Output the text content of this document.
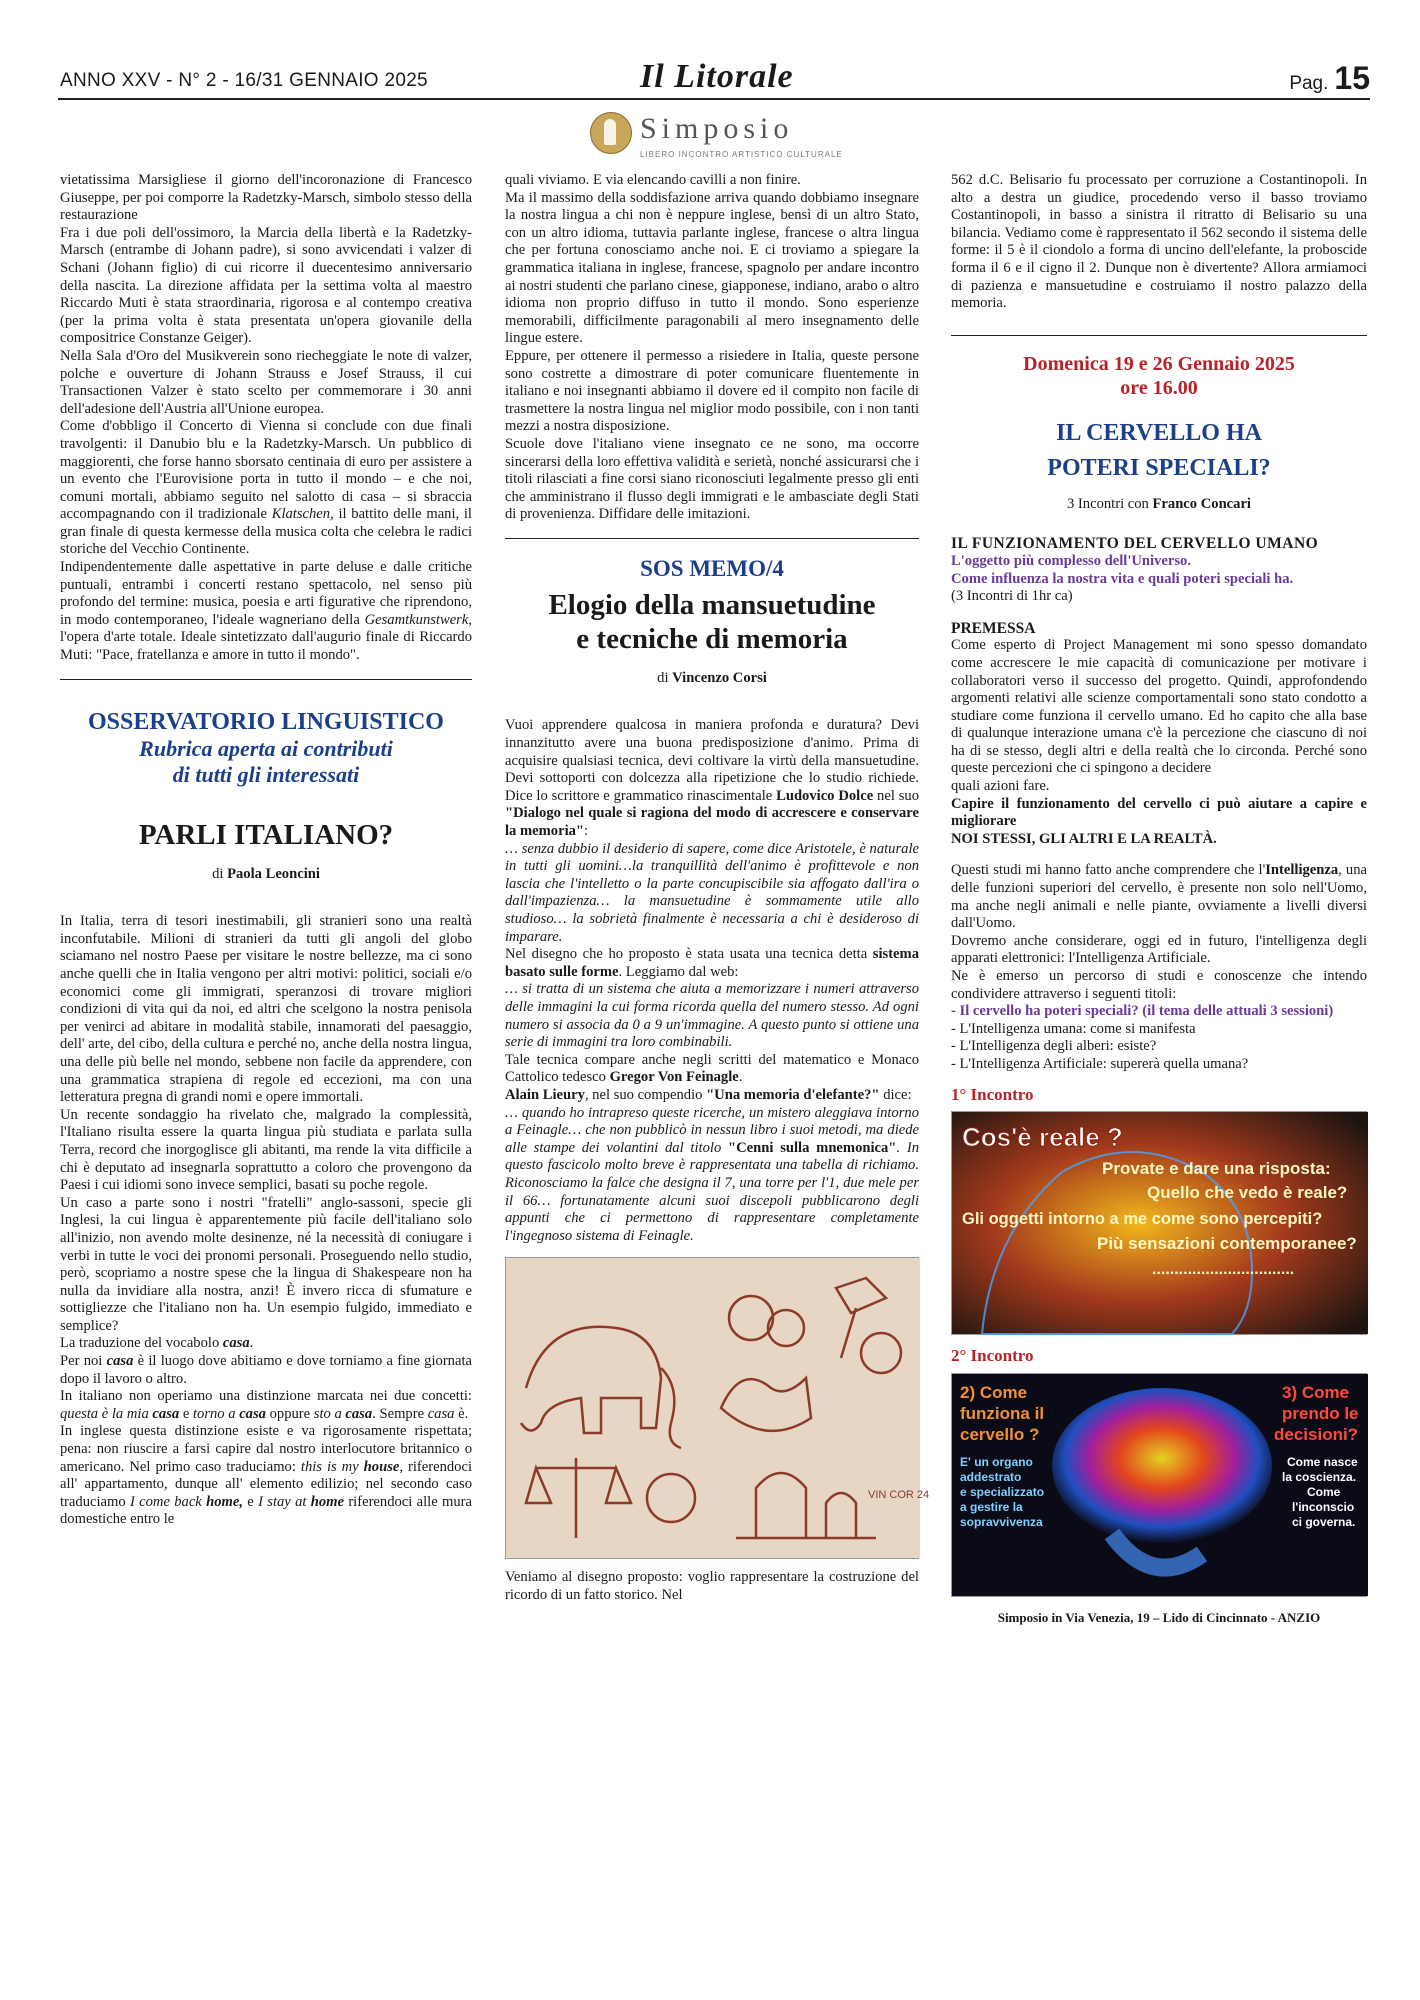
ANNO XXV - N° 2 - 16/31 GENNAIO 2025	Il Litorale	Pag. 15
Simposio
LIBERO INCONTRO ARTISTICO CULTURALE

vietatissima Marsigliese il giorno dell'incoronazione di Francesco Giuseppe, per poi comporre la Radetzky-Marsch, simbolo stesso della restaurazione

Fra i due poli dell'ossimoro, la Marcia della libertà e la Radetzky-Marsch (entrambe di Johann padre), si sono avvicendati i valzer di Schani (Johann figlio) di cui ricorre il duecentesimo anniversario della nascita. La direzione affidata per la settima volta al maestro Riccardo Muti è stata straordinaria, rigorosa e al contempo creativa (per la prima volta è stata presentata un'opera giovanile della compositrice Constanze Geiger).

Nella Sala d'Oro del Musikverein sono riecheggiate le note di valzer, polche e ouverture di Johann Strauss e Josef Strauss, il cui Transactionen Valzer è stato scelto per commemorare i 30 anni dell'adesione dell'Austria all'Unione europea.

Come d'obbligo il Concerto di Vienna si conclude con due finali travolgenti: il Danubio blu e la Radetzky-Marsch. Un pubblico di maggiorenti, che forse hanno sborsato centinaia di euro per assistere a un evento che l'Eurovisione porta in tutto il mondo – e che noi, comuni mortali, abbiamo seguito nel salotto di casa – si sbraccia accompagnando con il tradizionale Klatschen, il battito delle mani, il gran finale di questa kermesse della musica colta che celebra le radici storiche del Vecchio Continente.

Indipendentemente dalle aspettative in parte deluse e dalle critiche puntuali, entrambi i concerti restano spettacolo, nel senso più profondo del termine: musica, poesia e arti figurative che riprendono, in modo contemporaneo, l'ideale wagneriano della Gesamtkunstwerk, l'opera d'arte totale. Ideale sintetizzato dall'augurio finale di Riccardo Muti: "Pace, fratellanza e amore in tutto il mondo".

OSSERVATORIO LINGUISTICO
Rubrica aperta ai contributi
di tutti gli interessati
PARLI ITALIANO?
di Paola Leoncini

In Italia, terra di tesori inestimabili, gli stranieri sono una realtà inconfutabile. Milioni di stranieri da tutti gli angoli del globo sciamano nel nostro Paese per visitare le nostre bellezze, ma ci sono anche quelli che in Italia vengono per altri motivi: politici, sociali e/o economici come gli immigrati, speranzosi di trovare migliori condizioni di vita qui da noi, ed altri che scelgono la nostra penisola per venirci ad abitare in modalità stabile, innamorati del paesaggio, dell' arte, del cibo, della cultura e perché no, anche della nostra lingua, una delle più belle nel mondo, sebbene non facile da apprendere, con una grammatica strapiena di regole ed eccezioni, ma con una letteratura pregna di grandi nomi e opere immortali.

Un recente sondaggio ha rivelato che, malgrado la complessità, l'Italiano risulta essere la quarta lingua più studiata e parlata sulla Terra, record che inorgoglisce gli abitanti, ma rende la vita difficile a chi è deputato ad insegnarla soprattutto a coloro che provengono da Paesi i cui idiomi sono invece semplici, basati su poche regole.

Un caso a parte sono i nostri "fratelli" anglo-sassoni, specie gli Inglesi, la cui lingua è apparentemente più facile dell'italiano solo all'inizio, non avendo molte desinenze, né la necessità di coniugare i verbi in tutte le voci dei pronomi personali. Proseguendo nello studio, però, scopriamo a nostre spese che la lingua di Shakespeare non ha nulla da invidiare alla nostra, anzi! È invero ricca di sfumature e sottigliezze che l'italiano non ha. Un esempio fulgido, immediato e semplice?

La traduzione del vocabolo casa.

Per noi casa è il luogo dove abitiamo e dove torniamo a fine giornata dopo il lavoro o altro.

In italiano non operiamo una distinzione marcata nei due concetti: questa è la mia casa e torno a casa oppure sto a casa. Sempre casa è.

In inglese questa distinzione esiste e va rigorosamente rispettata; pena: non riuscire a farsi capire dal nostro interlocutore britannico o americano. Nel primo caso traduciamo: this is my house, riferendoci all' appartamento, dunque all' elemento edilizio; nel secondo caso traduciamo I come back home, e I stay at home riferendoci alle mura domestiche entro le

quali viviamo. E via elencando cavilli a non finire.

Ma il massimo della soddisfazione arriva quando dobbiamo insegnare la nostra lingua a chi non è neppure inglese, bensì di un altro Stato, con un altro idioma, tuttavia parlante inglese, francese o altra lingua che per fortuna conosciamo anche noi. E ci troviamo a spiegare la grammatica italiana in inglese, francese, spagnolo per andare incontro ai nostri studenti che parlano cinese, giapponese, indiano, arabo o altro idioma non proprio diffuso in tutto il mondo. Sono esperienze memorabili, difficilmente paragonabili al mero insegnamento delle lingue estere.

Eppure, per ottenere il permesso a risiedere in Italia, queste persone sono costrette a dimostrare di poter comunicare fluentemente in italiano e noi insegnanti abbiamo il dovere ed il compito non facile di trasmettere la nostra lingua nel miglior modo possibile, con i non tanti mezzi a nostra disposizione.

Scuole dove l'italiano viene insegnato ce ne sono, ma occorre sincerarsi della loro effettiva validità e serietà, nonché assicurarsi che i titoli rilasciati a fine corsi siano riconosciuti legalmente presso gli enti che amministrano il flusso degli immigrati e le ambasciate degli Stati di provenienza. Diffidare delle imitazioni.

SOS MEMO/4
Elogio della mansuetudine
e tecniche di memoria
di Vincenzo Corsi

Vuoi apprendere qualcosa in maniera profonda e duratura? Devi innanzitutto avere una buona predisposizione d'animo. Prima di acquisire qualsiasi tecnica, devi coltivare la virtù della mansuetudine. Devi sottoporti con dolcezza alla ripetizione che lo studio richiede. Dice lo scrittore e grammatico rinascimentale Ludovico Dolce nel suo "Dialogo nel quale si ragiona del modo di accrescere e conservare la memoria":

… senza dubbio il desiderio di sapere, come dice Aristotele, è naturale in tutti gli uomini…la tranquillità dell'animo è profittevole e non lascia che l'intelletto o la parte concupiscibile sia affogato dall'ira o dall'impazienza… la mansuetudine è sommamente utile allo studioso… la sobrietà finalmente è necessaria a chi è desideroso di imparare.

Nel disegno che ho proposto è stata usata una tecnica detta sistema basato sulle forme. Leggiamo dal web:

… si tratta di un sistema che aiuta a memorizzare i numeri attraverso delle immagini la cui forma ricorda quella del numero stesso. Ad ogni numero si associa da 0 a 9 un'immagine. A questo punto si ottiene una serie di immagini tra loro combinabili.

Tale tecnica compare anche negli scritti del matematico e Monaco Cattolico tedesco Gregor Von Feinagle.

Alain Lieury, nel suo compendio "Una memoria d'elefante?" dice:

… quando ho intrapreso queste ricerche, un mistero aleggiava intorno a Feinagle… che non pubblicò in nessun libro i suoi metodi, ma diede alle stampe dei volantini dal titolo "Cenni sulla mnemonica". In questo fascicolo molto breve è rappresentata una tabella di richiamo. Riconosciamo la falce che designa il 7, una torre per l'1, due mele per il 66… fortunatamente alcuni suoi discepoli pubblicarono degli appunti che ci permettono di rappresentare completamente l'ingegnoso sistema di Feinagle.

VIN COR 24

Veniamo al disegno proposto: voglio rappresentare la costruzione del ricordo di un fatto storico. Nel

562 d.C. Belisario fu processato per corruzione a Costantinopoli. In alto a destra un giudice, procedendo verso il basso troviamo Costantinopoli, in basso a sinistra il ritratto di Belisario su una bilancia. Vediamo come è rappresentato il 562 secondo il sistema delle forme: il 5 è il ciondolo a forma di uncino dell'elefante, la proboscide forma il 6 e il cigno il 2. Dunque non è divertente? Allora armiamoci di pazienza e mansuetudine e costruiamo il nostro palazzo della memoria.

Domenica 19 e 26 Gennaio 2025
ore 16.00
IL CERVELLO HA
POTERI SPECIALI?

3 Incontri con Franco Concari

IL FUNZIONAMENTO DEL CERVELLO UMANO

L'oggetto più complesso dell'Universo.

Come influenza la nostra vita e quali poteri speciali ha.

(3 Incontri di 1hr ca)

PREMESSA

Come esperto di Project Management mi sono spesso domandato come accrescere le mie capacità di comunicazione per motivare i collaboratori verso il successo del progetto. Quindi, approfondendo argomenti relativi alle scienze comportamentali sono stato condotto a studiare come funziona il cervello umano. Ed ho capito che alla base di qualunque interazione umana c'è la percezione che ciascuno di noi ha di se stesso, degli altri e della realtà che lo circonda. Perché sono queste percezioni che ci spingono a decidere

quali azioni fare.

Capire il funzionamento del cervello ci può aiutare a capire e migliorare

NOI STESSI, GLI ALTRI E LA REALTÀ.

Questi studi mi hanno fatto anche comprendere che l'Intelligenza, una delle funzioni superiori del cervello, è presente non solo nell'Uomo, ma anche negli animali e nelle piante, ovviamente a livelli diversi dall'Uomo.

Dovremo anche considerare, oggi ed in futuro, l'intelligenza degli apparati elettronici: l'Intelligenza Artificiale.

Ne è emerso un percorso di studi e conoscenze che intendo condividere attraverso i seguenti titoli:

- Il cervello ha poteri speciali? (il tema delle attuali 3 sessioni)

- L'Intelligenza umana: come si manifesta

- L'Intelligenza degli alberi: esiste?

- L'Intelligenza Artificiale: supererà quella umana?

1° Incontro
Cos'è reale ?
Provate e dare una risposta:
Quello che vedo è reale?
Gli oggetti intorno a me come sono percepiti?
Più sensazioni contemporanee?
................................
2° Incontro
2) Come
funziona il
cervello ?
E' un organo
addestrato
e specializzato
a gestire la
sopravvivenza
3) Come
prendo le
decisioni?
Come nasce
la coscienza.
Come
l'inconscio
ci governa.
Simposio in Via Venezia, 19 – Lido di Cincinnato - ANZIO
